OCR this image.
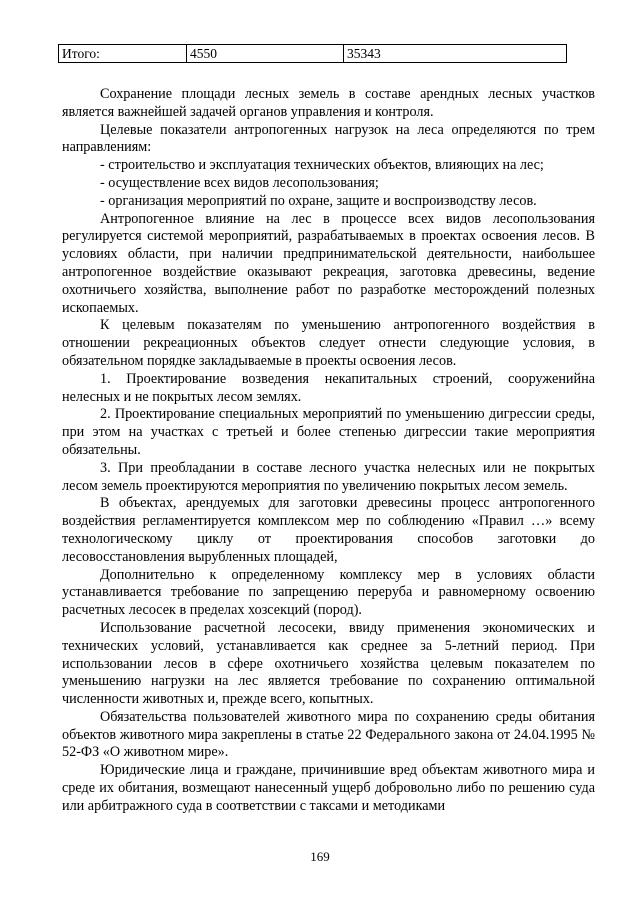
Итого:	4550	35343

Сохранение площади лесных земель в составе арендных лесных участков является важнейшей задачей органов управления и контроля.

Целевые показатели антропогенных нагрузок на леса определяются по трем направлениям:

- строительство и эксплуатация технических объектов, влияющих на лес;

- осуществление всех видов лесопользования;

- организация мероприятий по охране, защите и воспроизводству лесов.

Антропогенное влияние на лес в процессе всех видов лесопользования регулируется системой мероприятий, разрабатываемых в проектах освоения лесов. В условиях области, при наличии предпринимательской деятельности, наибольшее антропогенное воздействие оказывают рекреация, заготовка древесины, ведение охотничьего хозяйства, выполнение работ по разработке месторождений полезных ископаемых.

К целевым показателям по уменьшению антропогенного воздействия в отношении рекреационных объектов следует отнести следующие условия, в обязательном порядке закладываемые в проекты освоения лесов.

1. Проектирование возведения некапитальных строений, сооруженийна нелесных и не покрытых лесом землях.

2. Проектирование специальных мероприятий по уменьшению дигрессии среды, при этом на участках с третьей и более степенью дигрессии такие мероприятия обязательны.

3. При преобладании в составе лесного участка нелесных или не покрытых лесом земель проектируются мероприятия по увеличению покрытых лесом земель.

В объектах, арендуемых для заготовки древесины процесс антропогенного воздействия регламентируется комплексом мер по соблюдению «Правил …» всему технологическому циклу от проектирования способов заготовки до лесовосстановления вырубленных площадей,

Дополнительно к определенному комплексу мер в условиях области устанавливается требование по запрещению переруба и равномерному освоению расчетных лесосек в пределах хозсекций (пород).

Использование расчетной лесосеки, ввиду применения экономических и технических условий, устанавливается как среднее за 5-летний период. При использовании лесов в сфере охотничьего хозяйства целевым показателем по уменьшению нагрузки на лес является требование по сохранению оптимальной численности животных и, прежде всего, копытных.

Обязательства пользователей животного мира по сохранению среды обитания объектов животного мира закреплены в статье 22 Федерального закона от 24.04.1995 № 52-ФЗ «О животном мире».

Юридические лица и граждане, причинившие вред объектам животного мира и среде их обитания, возмещают нанесенный ущерб добровольно либо по решению суда или арбитражного суда в соответствии с таксами и методиками

169
